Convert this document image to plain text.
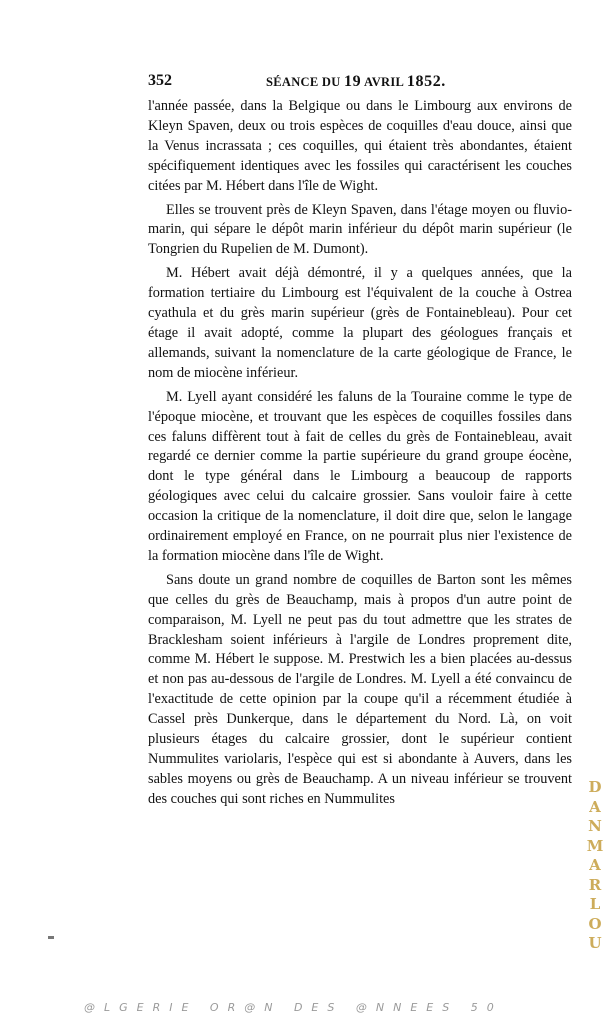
352	SÉANCE DU 19 AVRIL 1852.

l'année passée, dans la Belgique ou dans le Limbourg aux environs de Kleyn Spaven, deux ou trois espèces de coquilles d'eau douce, ainsi que la Venus incrassata ; ces coquilles, qui étaient très abondantes, étaient spécifiquement identiques avec les fossiles qui caractérisent les couches citées par M. Hébert dans l'île de Wight.

Elles se trouvent près de Kleyn Spaven, dans l'étage moyen ou fluvio-marin, qui sépare le dépôt marin inférieur du dépôt marin supérieur (le Tongrien du Rupelien de M. Dumont).

M. Hébert avait déjà démontré, il y a quelques années, que la formation tertiaire du Limbourg est l'équivalent de la couche à Ostrea cyathula et du grès marin supérieur (grès de Fontainebleau). Pour cet étage il avait adopté, comme la plupart des géologues français et allemands, suivant la nomenclature de la carte géologique de France, le nom de miocène inférieur.

M. Lyell ayant considéré les faluns de la Touraine comme le type de l'époque miocène, et trouvant que les espèces de coquilles fossiles dans ces faluns diffèrent tout à fait de celles du grès de Fontainebleau, avait regardé ce dernier comme la partie supérieure du grand groupe éocène, dont le type général dans le Limbourg a beaucoup de rapports géologiques avec celui du calcaire grossier. Sans vouloir faire à cette occasion la critique de la nomenclature, il doit dire que, selon le langage ordinairement employé en France, on ne pourrait plus nier l'existence de la formation miocène dans l'île de Wight.

Sans doute un grand nombre de coquilles de Barton sont les mêmes que celles du grès de Beauchamp, mais à propos d'un autre point de comparaison, M. Lyell ne peut pas du tout admettre que les strates de Bracklesham soient inférieurs à l'argile de Londres proprement dite, comme M. Hébert le suppose. M. Prestwich les a bien placées au-dessus et non pas au-dessous de l'argile de Londres. M. Lyell a été convaincu de l'exactitude de cette opinion par la coupe qu'il a récemment étudiée à Cassel près Dunkerque, dans le département du Nord. Là, on voit plusieurs étages du calcaire grossier, dont le supérieur contient Nummulites variolaris, l'espèce qui est si abondante à Auvers, dans les sables moyens ou grès de Beauchamp. A un niveau inférieur se trouvent des couches qui sont riches en Nummulites

D
A
N
M
A
R
L
O
U
@LGERIE OR@N DES @NNEES 50
